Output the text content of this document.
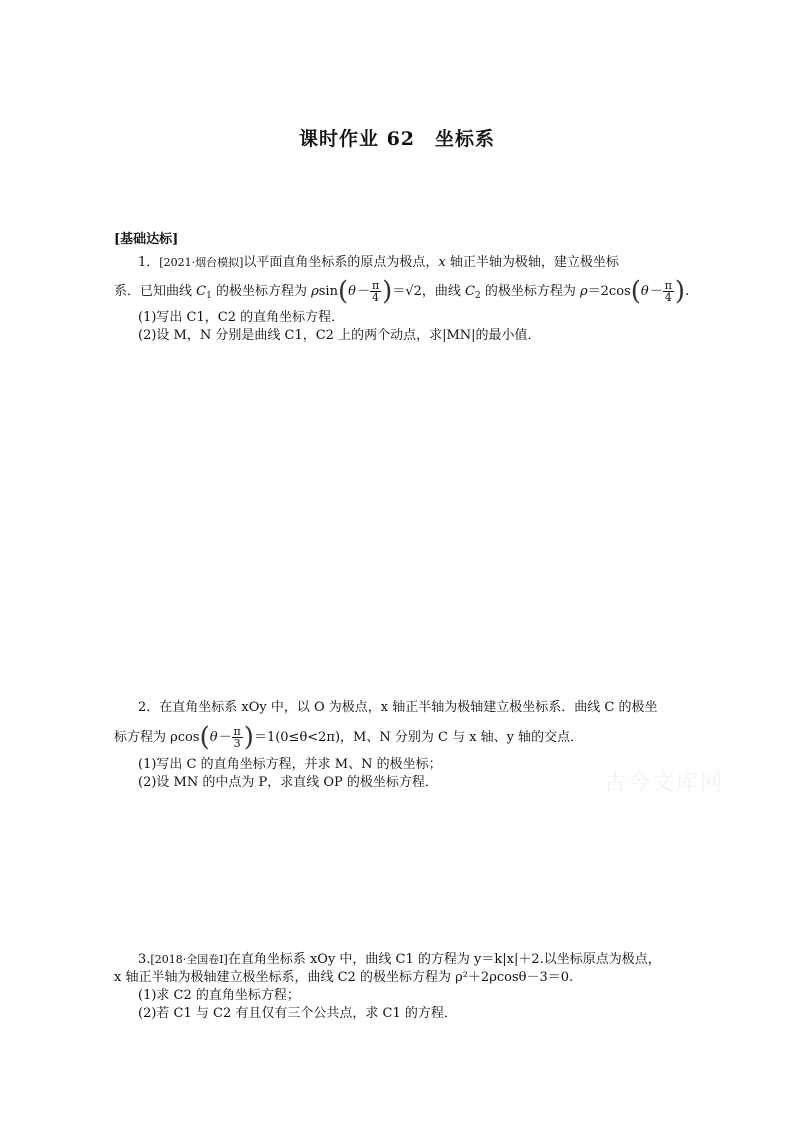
课时作业 62　坐标系
[基础达标]
1．[2021·烟台模拟]以平面直角坐标系的原点为极点，x 轴正半轴为极轴，建立极坐标
系．已知曲线 $C_1$ 的极坐标方程为 $\rho\sin(\theta- \frac{\pi}{4} )=√2$，曲线 $C_2$ 的极坐标方程为 $\rho=2\cos(\theta- \frac{\pi}{4}$ ).
(1)写出 C1，C2 的直角坐标方程．
(2)设 M，N 分别是曲线 C1，C2 上的两个动点，求|MN|的最小值．
2．在直角坐标系 xOy 中，以 O 为极点，x 轴正半轴为极轴建立极坐标系．曲线 C 的极坐
标方程为 $\rho\cos(\theta- \frac{\pi}{3} )=1(0\le\theta<2\pi)$，M、N 分别为 C 与 x 轴、y 轴的交点．
(1)写出 C 的直角坐标方程，并求 M、N 的极坐标；
(2)设 MN 的中点为 P，求直线 OP 的极坐标方程．
3.[2018·全国卷Ⅰ]在直角坐标系 xOy 中，曲线 C1 的方程为 y＝k|x|＋2.以坐标原点为极点，
x 轴正半轴为极轴建立极坐标系，曲线 C2 的极坐标方程为 ρ²＋2ρcosθ－3＝0.
(1)求 C2 的直角坐标方程；
(2)若 C1 与 C2 有且仅有三个公共点，求 C1 的方程．
古今文库网
